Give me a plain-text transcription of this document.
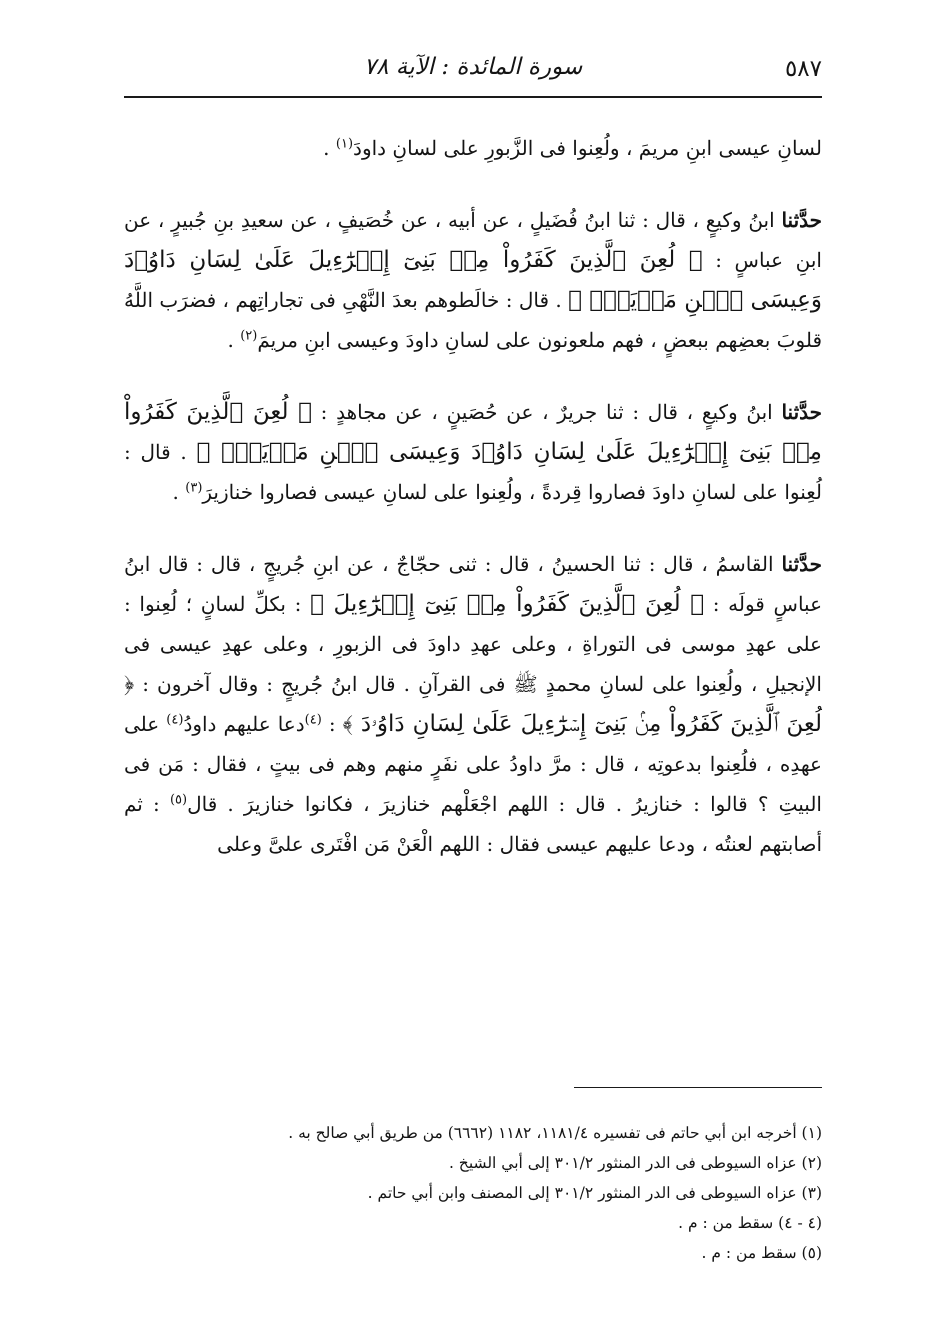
٥٨٧
سورة المائدة : الآية ٧٨

لسانِ عيسى ابنِ مريمَ ، ولُعِنوا فى الزَّبورِ على لسانِ داودَ$^{(١)}$ .

حدَّثنا ابنُ وكيعٍ ، قال : ثنا ابنُ فُضَيلٍ ، عن أبيه ، عن خُصَيفٍ ، عن سعيدِ بنِ جُبيرٍ ، عن ابنِ عباسٍ : ﴿ لُعِنَ ٱلَّذِينَ كَفَرُواْ مِنۢ بَنِىٓ إِسۡرَٰٓءِيلَ عَلَىٰ لِسَانِ دَاوُۥدَ وَعِيسَى ٱبۡنِ مَرۡيَمَۚ ﴾ . قال : خالَطوهم بعدَ النَّهْىِ فى تجاراتِهم ، فضرَب اللَّهُ قلوبَ بعضِهم ببعضٍ ، فهم ملعونون على لسانِ داودَ وعيسى ابنِ مريمَ$^{(٢)}$ .

حدَّثنا ابنُ وكيعٍ ، قال : ثنا جريرٌ ، عن حُصَينٍ ، عن مجاهدٍ : ﴿ لُعِنَ ٱلَّذِينَ كَفَرُواْ مِنۢ بَنِىٓ إِسۡرَٰٓءِيلَ عَلَىٰ لِسَانِ دَاوُۥدَ وَعِيسَى ٱبۡنِ مَرۡيَمَۚ ﴾ . قال : لُعِنوا على لسانِ داودَ فصاروا قِردةً ، ولُعِنوا على لسانِ عيسى فصاروا خنازيرَ$^{(٣)}$ .

حدَّثنا القاسمُ ، قال : ثنا الحسينُ ، قال : ثنى حجّاجٌ ، عن ابنِ جُريجٍ ، قال : قال ابنُ عباسٍ قولَه : ﴿ لُعِنَ ٱلَّذِينَ كَفَرُواْ مِنۢ بَنِىٓ إِسۡرَٰٓءِيلَ ﴾ : بكلِّ لسانٍ ؛ لُعِنوا : على عهدِ موسى فى التوراةِ ، وعلى عهدِ داودَ فى الزبورِ ، وعلى عهدِ عيسى فى الإنجيلِ ، ولُعِنوا على لسانِ محمدٍ ﷺ فى القرآنِ . قال ابنُ جُريجٍ : وقال آخرون : ﴿ لُعِنَ ٱلَّذِينَ كَفَرُواْ مِنۢ بَنِىٓ إِسۡرَٰٓءِيلَ عَلَىٰ لِسَانِ دَاوُۥدَ ﴾ : $^{(٤)}$دعا عليهم داودُ$^{(٤)}$ على عهدِه ، فلُعِنوا بدعوتِه ، قال : مرَّ داودُ على نفَرٍ منهم وهم فى بيتٍ ، فقال : مَن فى البيتِ ؟ قالوا : خنازيرُ . قال : اللهم اجْعَلْهم خنازيرَ ، فكانوا خنازيرَ . قال$^{(٥)}$ : ثم أصابتهم لعنتُه ، ودعا عليهم عيسى فقال : اللهم الْعَنْ مَن افْتَرى علىَّ وعلى

(١) أخرجه ابن أبي حاتم فى تفسيره ١١٨١/٤، ١١٨٢ (٦٦٦٢) من طريق أبي صالح به .

(٢) عزاه السيوطى فى الدر المنثور ٣٠١/٢ إلى أبي الشيخ .

(٣) عزاه السيوطى فى الدر المنثور ٣٠١/٢ إلى المصنف وابن أبي حاتم .

(٤ - ٤) سقط من : م .

(٥) سقط من : م .
